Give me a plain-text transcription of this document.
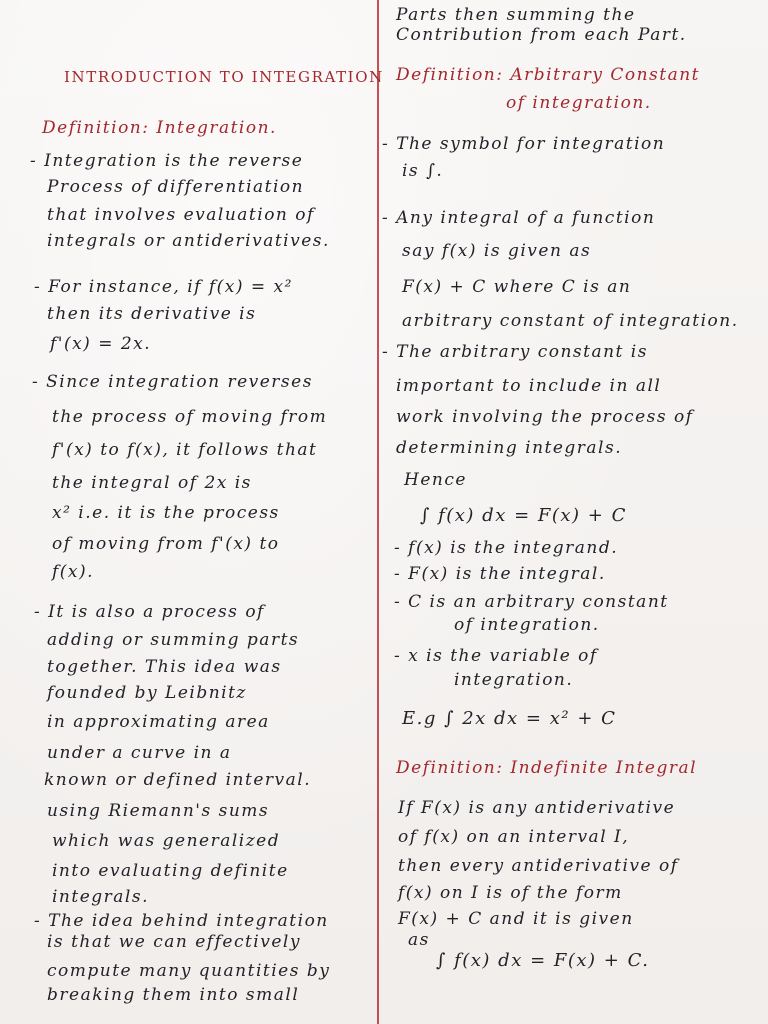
INTRODUCTION TO INTEGRATION
Definition: Integration.
- Integration is the reverse
Process of differentiation
that involves evaluation of
integrals or antiderivatives.
- For instance, if f(x) = x²
then its derivative is
f'(x) = 2x.
- Since integration reverses
the process of moving from
f'(x) to f(x), it follows that
the integral of 2x is
x² i.e. it is the process
of moving from f'(x) to
f(x).
- It is also a process of
adding or summing parts
together. This idea was
founded by Leibnitz
in approximating area
under a curve in a
known or defined interval.
using Riemann's sums
which was generalized
into evaluating definite
integrals.
- The idea behind integration
is that we can effectively
compute many quantities by
breaking them into small
Parts then summing the
Contribution from each Part.
Definition: Arbitrary Constant
of integration.
- The symbol for integration
is ∫.
- Any integral of a function
say f(x) is given as
F(x) + C where C is an
arbitrary constant of integration.
- The arbitrary constant is
important to include in all
work involving the process of
determining integrals.
Hence
∫ f(x) dx = F(x) + C
- f(x) is the integrand.
- F(x) is the integral.
- C is an arbitrary constant
of integration.
- x is the variable of
integration.
E.g ∫ 2x dx = x² + C
Definition: Indefinite Integral
If F(x) is any antiderivative
of f(x) on an interval I,
then every antiderivative of
f(x) on I is of the form
F(x) + C and it is given
as
∫ f(x) dx = F(x) + C.
